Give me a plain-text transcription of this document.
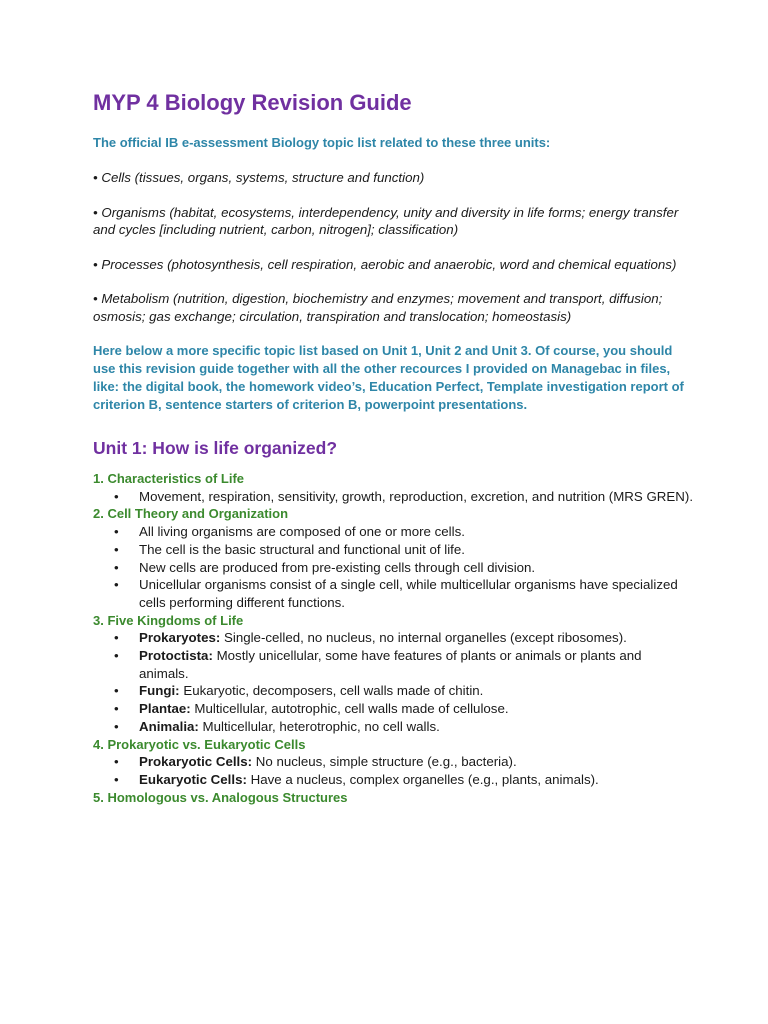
MYP 4 Biology Revision Guide

The official IB e-assessment Biology topic list related to these three units:

• Cells (tissues, organs, systems, structure and function)

• Organisms (habitat, ecosystems, interdependency, unity and diversity in life forms; energy transfer and cycles [including nutrient, carbon, nitrogen]; classification)

• Processes (photosynthesis, cell respiration, aerobic and anaerobic, word and chemical equations)

• Metabolism (nutrition, digestion, biochemistry and enzymes; movement and transport, diffusion; osmosis; gas exchange; circulation, transpiration and translocation; homeostasis)

Here below a more specific topic list based on Unit 1, Unit 2 and Unit 3. Of course, you should use this revision guide together with all the other recources I provided on Managebac in files, like: the digital book, the homework video’s, Education Perfect, Template investigation report of criterion B, sentence starters of criterion B, powerpoint presentations.

Unit 1: How is life organized?

1. Characteristics of Life

• Movement, respiration, sensitivity, growth, reproduction, excretion, and nutrition (MRS GREN).

2. Cell Theory and Organization

• All living organisms are composed of one or more cells.
• The cell is the basic structural and functional unit of life.
• New cells are produced from pre-existing cells through cell division.
• Unicellular organisms consist of a single cell, while multicellular organisms have specialized cells performing different functions.

3. Five Kingdoms of Life

• Prokaryotes: Single-celled, no nucleus, no internal organelles (except ribosomes).
• Protoctista: Mostly unicellular, some have features of plants or animals or plants and animals.
• Fungi: Eukaryotic, decomposers, cell walls made of chitin.
• Plantae: Multicellular, autotrophic, cell walls made of cellulose.
• Animalia: Multicellular, heterotrophic, no cell walls.

4. Prokaryotic vs. Eukaryotic Cells

• Prokaryotic Cells: No nucleus, simple structure (e.g., bacteria).
• Eukaryotic Cells: Have a nucleus, complex organelles (e.g., plants, animals).

5. Homologous vs. Analogous Structures
